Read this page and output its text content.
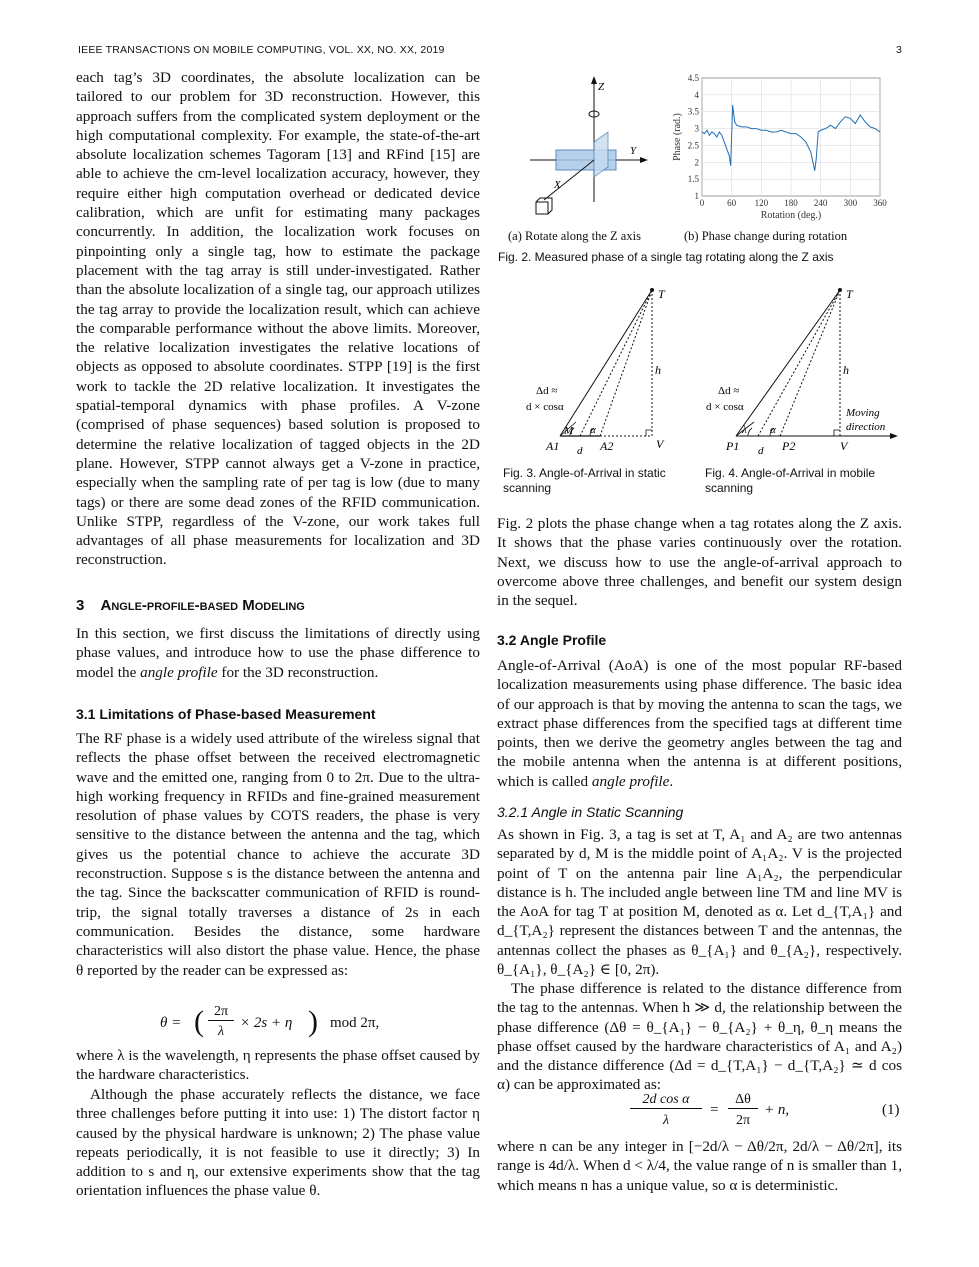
IEEE TRANSACTIONS ON MOBILE COMPUTING, VOL. XX, NO. XX, 2019	3

each tag’s 3D coordinates, the absolute localization can be tailored to our problem for 3D reconstruction. However, this approach suffers from the complicated system deployment or the high computational complexity. For example, the state-of-the-art absolute localization schemes Tagoram [13] and RFind [15] are able to achieve the cm-level localization accuracy, however, they require either high computation overhead or dedicated device calibration, which are unfit for estimating many packages concurrently. In addition, the localization work focuses on pinpointing only a single tag, how to estimate the package placement with the tag array is still under-investigated. Rather than the absolute localization of a single tag, our approach utilizes the tag array to provide the localization result, which can achieve the comparable performance without the above limits. Moreover, the relative localization investigates the relative locations of objects as opposed to absolute coordinates. STPP [19] is the first work to tackle the 2D relative localization. It investigates the spatial-temporal dynamics with phase profiles. A V-zone (comprised of phase sequences) based solution is proposed to determine the relative localization of tagged objects in the 2D plane. However, STPP cannot always get a V-zone in practice, especially when the sampling rate of per tag is low (due to many tags) or there are some dead zones of the RFID communication. Unlike STPP, regardless of the V-zone, our work takes full advantages of all phase measurements for localization and 3D reconstruction.

3 Angle-profile-based Modeling

In this section, we first discuss the limitations of directly using phase values, and introduce how to use the phase difference to model the angle profile for the 3D reconstruction.

3.1 Limitations of Phase-based Measurement

The RF phase is a widely used attribute of the wireless signal that reflects the phase offset between the received electromagnetic wave and the emitted one, ranging from 0 to 2π. Due to the ultra-high working frequency in RFIDs and fine-grained measurement resolution of phase values by COTS readers, the phase is very sensitive to the distance between the antenna and the tag, which gives us the potential chance to achieve the accurate 3D reconstruction. Suppose s is the distance between the antenna and the tag. Since the backscatter communication of RFID is round-trip, the signal totally traverses a distance of 2s in each communication. Besides the distance, some hardware characteristics will also distort the phase value. Hence, the phase θ reported by the reader can be expressed as:

θ = ( 2π
λ
× 2s + η ) mod 2π,

where λ is the wavelength, η represents the phase offset caused by the hardware characteristics.

Although the phase accurately reflects the distance, we face three challenges before putting it into use: 1) The distort factor η caused by the physical hardware is unknown; 2) The phase value repeats periodically, it is not feasible to use it directly; 3) In addition to s and η, our extensive experiments show that the tag orientation influences the phase value θ.

Z
Y
X
0	60 120 180 240 300 360
1
1.5
2
2.5
3
3.5
4
4.5
Rotation (deg.)
Phase (rad.)
(a) Rotate along the Z axis	(b) Phase change during rotation
Fig. 2. Measured phase of a single tag rotating along the Z axis
T
h
V
A1	A2
M
d
α
Δd ≈
d × cosα
Fig. 3. Angle-of-Arrival in static scanning
T
h
V
P1	P2
d
λ α
Δd ≈
d × cosα	Moving
direction
Fig. 4. Angle-of-Arrival in mobile scanning

Fig. 2 plots the phase change when a tag rotates along the Z axis. It shows that the phase varies continuously over the rotation. Next, we discuss how to use the angle-of-arrival approach to overcome above three challenges, and benefit our system design in the sequel.

3.2 Angle Profile

Angle-of-Arrival (AoA) is one of the most popular RF-based localization measurements using phase difference. The basic idea of our approach is that by moving the antenna to scan the tags, we extract phase differences from the specified tags at different time points, then we derive the geometry angles between the tag and the mobile antenna when the antenna is at different positions, which is called angle profile.

3.2.1 Angle in Static Scanning

As shown in Fig. 3, a tag is set at T, A₁ and A₂ are two antennas separated by d, M is the middle point of A₁A₂. V is the projected point of T on the antenna pair line A₁A₂, the perpendicular distance is h. The included angle between line TM and line MV is the AoA for tag T at position M, denoted as α. Let d_{T,A₁} and d_{T,A₂} represent the distances between T and the antennas, the antennas collect the phases as θ_{A₁} and θ_{A₂}, respectively. θ_{A₁}, θ_{A₂} ∈ [0, 2π).

The phase difference is related to the distance difference from the tag to the antennas. When h ≫ d, the relationship between the phase difference (Δθ = θ_{A₁} − θ_{A₂} + θ_η, θ_η means the phase offset caused by the hardware characteristics of A₁ and A₂) and the distance difference (Δd = d_{T,A₁} − d_{T,A₂} ≃ d cos α) can be approximated as:

2d cos α
λ
=
Δθ
2π
+ n,	(1)

where n can be any integer in [−2d/λ − Δθ/2π, 2d/λ − Δθ/2π], its range is 4d/λ. When d < λ/4, the value range of n is smaller than 1, which means n has a unique value, so α is deterministic.
